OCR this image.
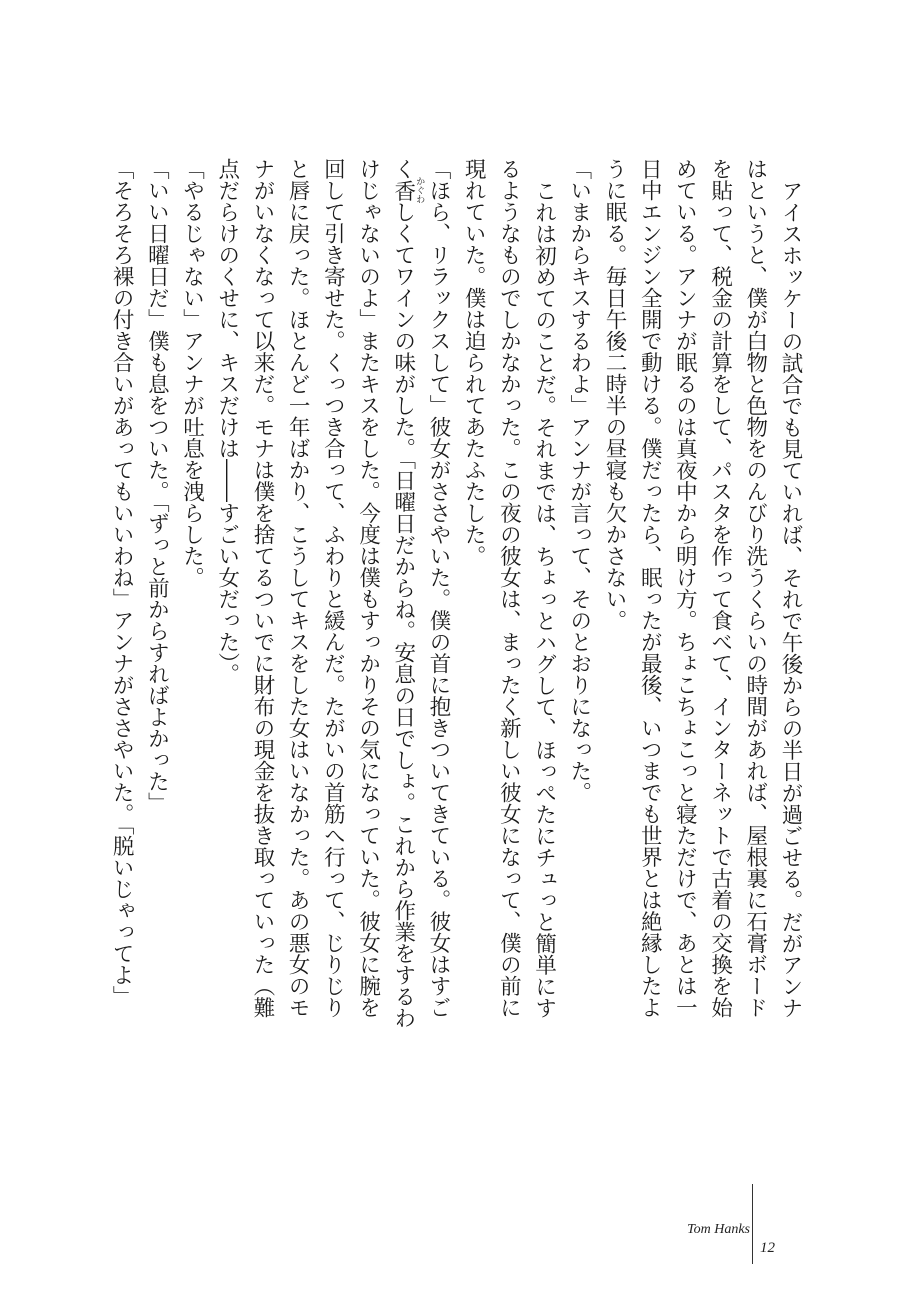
アイスホッケーの試合でも見ていれば、それで午後からの半日が過ごせる。だがアンナはというと、僕が白物と色物をのんびり洗うくらいの時間があれば、屋根裏に石膏ボードを貼って、税金の計算をして、パスタを作って食べて、インターネットで古着の交換を始めている。アンナが眠るのは真夜中から明け方。ちょこちょこっと寝ただけで、あとは一日中エンジン全開で動ける。僕だったら、眠ったが最後、いつまでも世界とは絶縁したように眠る。毎日午後二時半の昼寝も欠かさない。

「いまからキスするわよ」アンナが言って、そのとおりになった。

これは初めてのことだ。それまでは、ちょっとハグして、ほっぺたにチュっと簡単にするようなものでしかなかった。この夜の彼女は、まったく新しい彼女になって、僕の前に現れていた。僕は迫られてあたふたした。

「ほら、リラックスして」彼女がささやいた。僕の首に抱きついてきている。彼女はすごく香かぐわしくてワインの味がした。「日曜日だからね。安息の日でしょ。これから作業をするわけじゃないのよ」またキスをした。今度は僕もすっかりその気になっていた。彼女に腕を回して引き寄せた。くっつき合って、ふわりと緩んだ。たがいの首筋へ行って、じりじりと唇に戻った。ほとんど一年ばかり、こうしてキスをした女はいなかった。あの悪女のモナがいなくなって以来だ。モナは僕を捨てるついでに財布の現金を抜き取っていった（難点だらけのくせに、キスだけは――すごい女だった）。

「やるじゃない」アンナが吐息を洩らした。

「いい日曜日だ」僕も息をついた。「ずっと前からすればよかった」

「そろそろ裸の付き合いがあってもいいわね」アンナがささやいた。「脱いじゃってよ」

Tom Hanks
12
